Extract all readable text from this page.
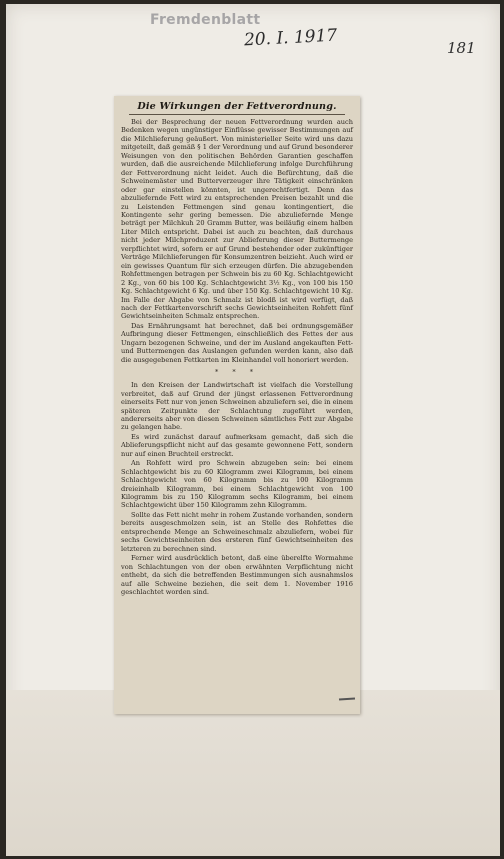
Fremdenblatt

20. I. 1917	181
Die Wirkungen der Fettverordnung.

Bei der Besprechung der neuen Fettverordnung wurden auch Bedenken wegen ungünstiger Einflüsse gewisser Bestimmungen auf die Milchlieferung geäußert. Von ministerieller Seite wird uns dazu mitgeteilt, daß gemäß § 1 der Verordnung und auf Grund besonderer Weisungen von den politischen Behörden Garantien geschaffen wurden, daß die ausreichende Milchlieferung infolge Durchführung der Fettverordnung nicht leidet. Auch die Befürchtung, daß die Schweinemäster und Butterverzeuger ihre Tätigkeit einschränken oder gar einstellen könnten, ist ungerechtfertigt. Denn das abzuliefernde Fett wird zu entsprechenden Preisen bezahlt und die zu Leistenden Fettmengen sind genau kontingentiert, die Kontingente sehr gering bemessen. Die abzuliefernde Menge beträgt per Milchkuh 20 Gramm Butter, was beiläufig einem halben Liter Milch entspricht. Dabei ist auch zu beachten, daß durchaus nicht jeder Milchproduzent zur Ablieferung dieser Buttermenge verpflichtet wird, sofern er auf Grund bestehender oder zukünftiger Verträge Milchlieferungen für Konsumzentren beizieht. Auch wird er ein gewisses Quantum für sich erzeugen dürfen. Die abzugebenden Rohfettmengen betragen per Schwein bis zu 60 Kg. Schlachtgewicht 2 Kg., von 60 bis 100 Kg. Schlachtgewicht 3½ Kg., von 100 bis 150 Kg. Schlachtgewicht 6 Kg. und über 150 Kg. Schlachtgewicht 10 Kg. Im Falle der Abgabe von Schmalz ist blodß ist wird verfügt, daß nach der Fettkartenvorschrift sechs Gewichtseinheiten Rohfett fünf Gewichtseinheiten Schmalz entsprechen.

Das Ernährungsamt hat berechnet, daß bei ordnungsgemäßer Aufbringung dieser Fettmengen, einschließlich des Fettes der aus Ungarn bezogenen Schweine, und der im Ausland angekauften Fett- und Buttermengen das Auslangen gefunden werden kann, also daß die ausgegebenen Fettkarten im Kleinhandel voll honoriert werden.

* * *

In den Kreisen der Landwirtschaft ist vielfach die Vorstellung verbreitet, daß auf Grund der jüngst erlassenen Fettverordnung einerseits Fett nur von jenen Schweinen abzuliefern sei, die in einem späteren Zeitpunkte der Schlachtung zugeführt werden, andererseits aber von diesen Schweinen sämtliches Fett zur Abgabe zu gelangen habe.

Es wird zunächst darauf aufmerksam gemacht, daß sich die Ablieferungspflicht nicht auf das gesamte gewonnene Fett, sondern nur auf einen Bruchteil erstreckt.

An Rohfett wird pro Schwein abzugeben sein: bei einem Schlachtgewicht bis zu 60 Kilogramm zwei Kilogramm, bei einem Schlachtgewicht von 60 Kilogramm bis zu 100 Kilogramm dreieinhalb Kilogramm, bei einem Schlachtgewicht von 100 Kilogramm bis zu 150 Kilogramm sechs Kilogramm, bei einem Schlachtgewicht über 150 Kilogramm zehn Kilogramm.

Sollte das Fett nicht mehr in rohem Zustande vorhanden, sondern bereits ausgeschmolzen sein, ist an Stelle des Rohfettes die entsprechende Menge an Schweineschmalz abzuliefern, wobei für sechs Gewichtseinheiten des ersteren fünf Gewichtseinheiten des letzteren zu berechnen sind.

Ferner wird ausdrücklich betont, daß eine überelfte Wormahme von Schlachtungen von der oben erwähnten Verpflichtung nicht enthebt, da sich die betreffenden Bestimmungen sich ausnahmslos auf alle Schweine beziehen, die seit dem 1. November 1916 geschlachtet worden sind.
